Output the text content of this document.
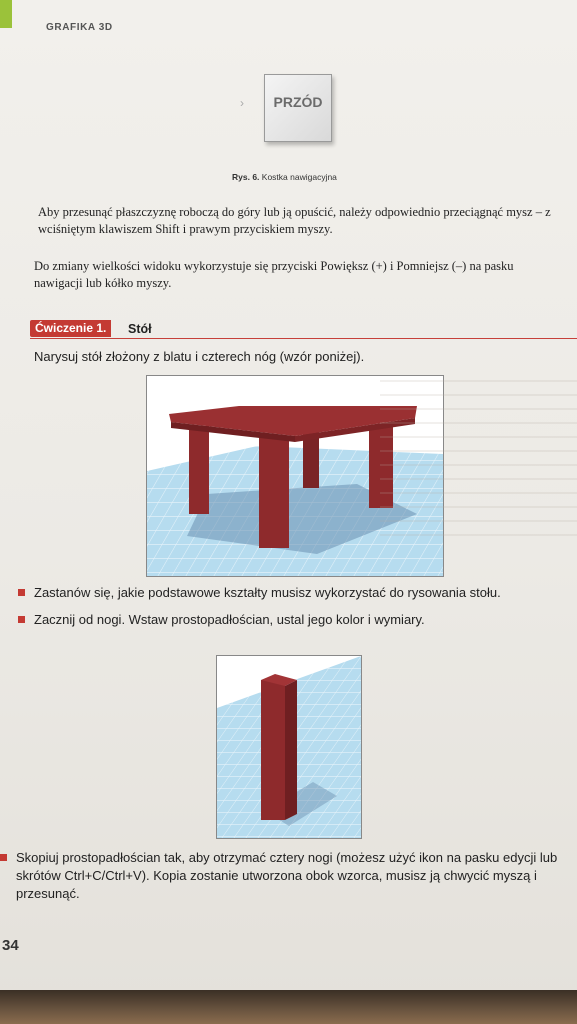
GRAFIKA 3D
›	PRZÓD
Rys. 6. Kostka nawigacyjna
Aby przesunąć płaszczyznę roboczą do góry lub ją opuścić, należy odpowiednio przeciągnąć mysz – z wciśniętym klawiszem Shift i prawym przyciskiem myszy.
Do zmiany wielkości widoku wykorzystuje się przyciski Powiększ (+) i Pomniejsz (–) na pasku nawigacji lub kółko myszy.
Ćwiczenie 1.	Stół
Narysuj stół złożony z blatu i czterech nóg (wzór poniżej).
Zastanów się, jakie podstawowe kształty musisz wykorzystać do rysowania stołu.
Zacznij od nogi. Wstaw prostopadłościan, ustal jego kolor i wymiary.
Skopiuj prostopadłościan tak, aby otrzymać cztery nogi (możesz użyć ikon na pasku edycji lub skrótów Ctrl+C/Ctrl+V). Kopia zostanie utworzona obok wzorca, musisz ją chwycić myszą i przesunąć.
34
